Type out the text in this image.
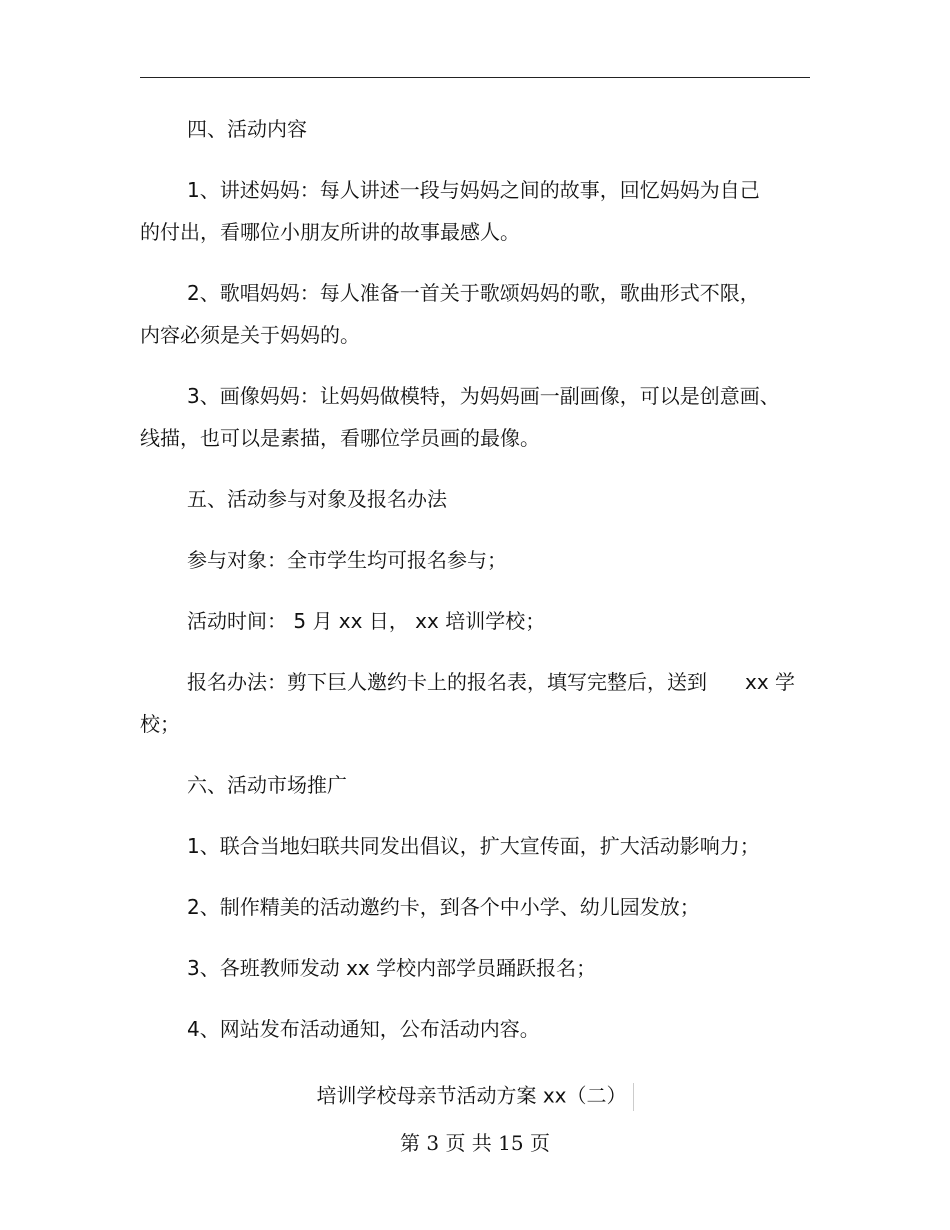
四、活动内容
1、讲述妈妈：每人讲述一段与妈妈之间的故事，回忆妈妈为自己
的付出，看哪位小朋友所讲的故事最感人。
2、歌唱妈妈：每人准备一首关于歌颂妈妈的歌，歌曲形式不限，
内容必须是关于妈妈的。
3、画像妈妈：让妈妈做模特，为妈妈画一副画像，可以是创意画、
线描，也可以是素描，看哪位学员画的最像。
五、活动参与对象及报名办法
参与对象：全市学生均可报名参与；
活动时间： 5 月 xx 日， xx 培训学校；
报名办法：剪下巨人邀约卡上的报名表，填写完整后，送到 xx 学
校；
六、活动市场推广
1、联合当地妇联共同发出倡议，扩大宣传面，扩大活动影响力；
2、制作精美的活动邀约卡，到各个中小学、幼儿园发放；
3、各班教师发动 xx 学校内部学员踊跃报名；
4、网站发布活动通知，公布活动内容。
培训学校母亲节活动方案 xx（二）
第 3 页 共 15 页
